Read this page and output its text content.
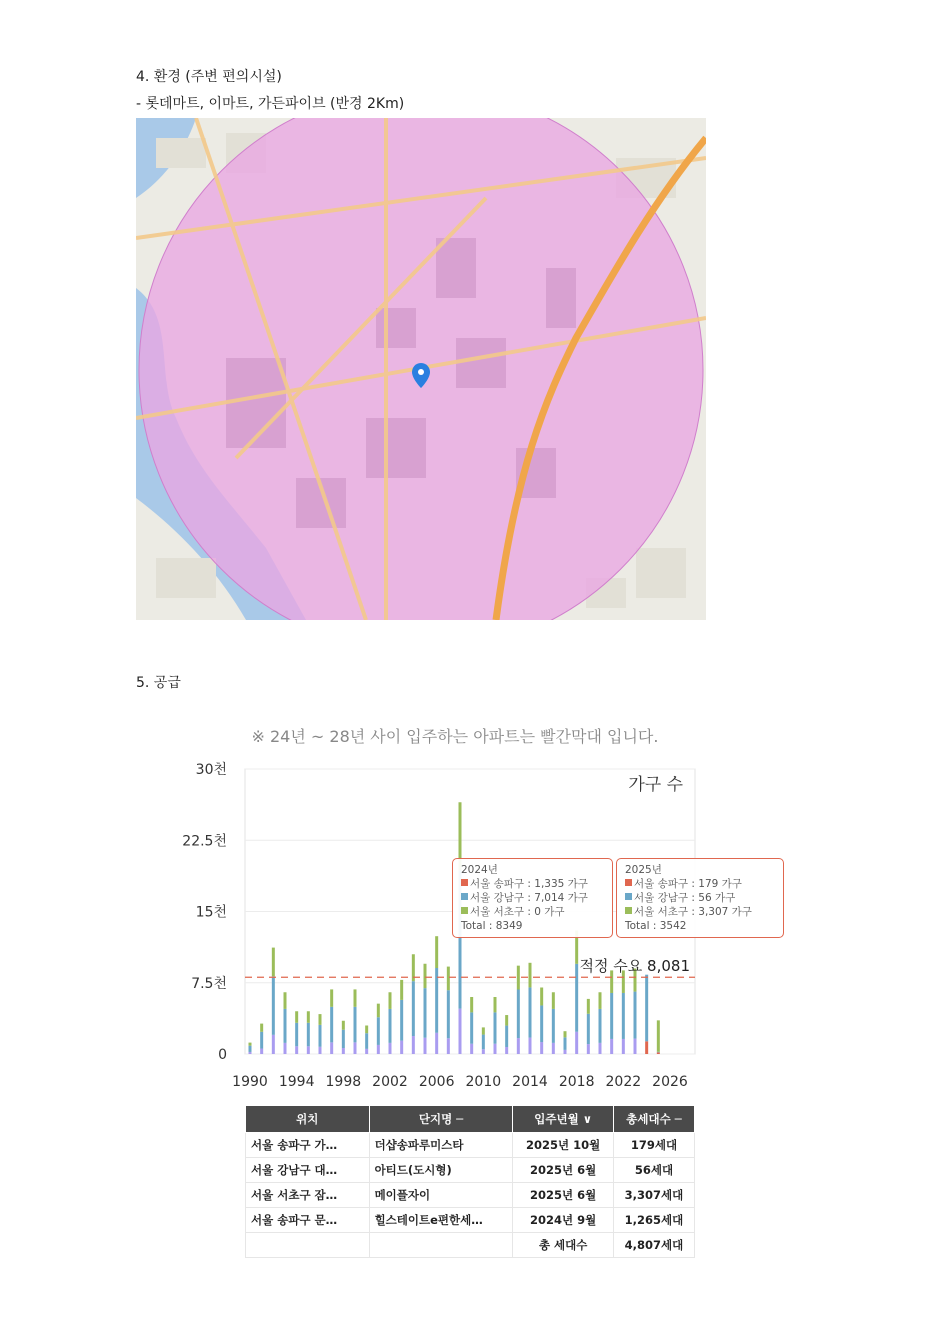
4. 환경 (주변 편의시설)
- 롯데마트, 이마트, 가든파이브 (반경 2Km)
5. 공급
※ 24년 ~ 28년 사이 입주하는 아파트는 빨간막대 입니다.
0
7.5천
15천
22.5천
30천
1990 1994 1998 2002 2006 2010 2014 2018 2022 2026
적정 수요 8,081
가구 수
2024년
서울 송파구 : 1,335 가구
서울 강남구 : 7,014 가구
서울 서초구 : 0 가구
Total : 8349
2025년
서울 송파구 : 179 가구
서울 강남구 : 56 가구
서울 서초구 : 3,307 가구
Total : 3542
위치	단지명 ─	입주년월 ∨	총세대수 ─
서울 송파구 가…	더샵송파루미스타	2025년 10월	179세대
서울 강남구 대…	아티드(도시형)	2025년 6월	56세대
서울 서초구 잠…	메이플자이	2025년 6월	3,307세대
서울 송파구 문…	힐스테이트e편한세…	2024년 9월	1,265세대
		총 세대수	4,807세대
